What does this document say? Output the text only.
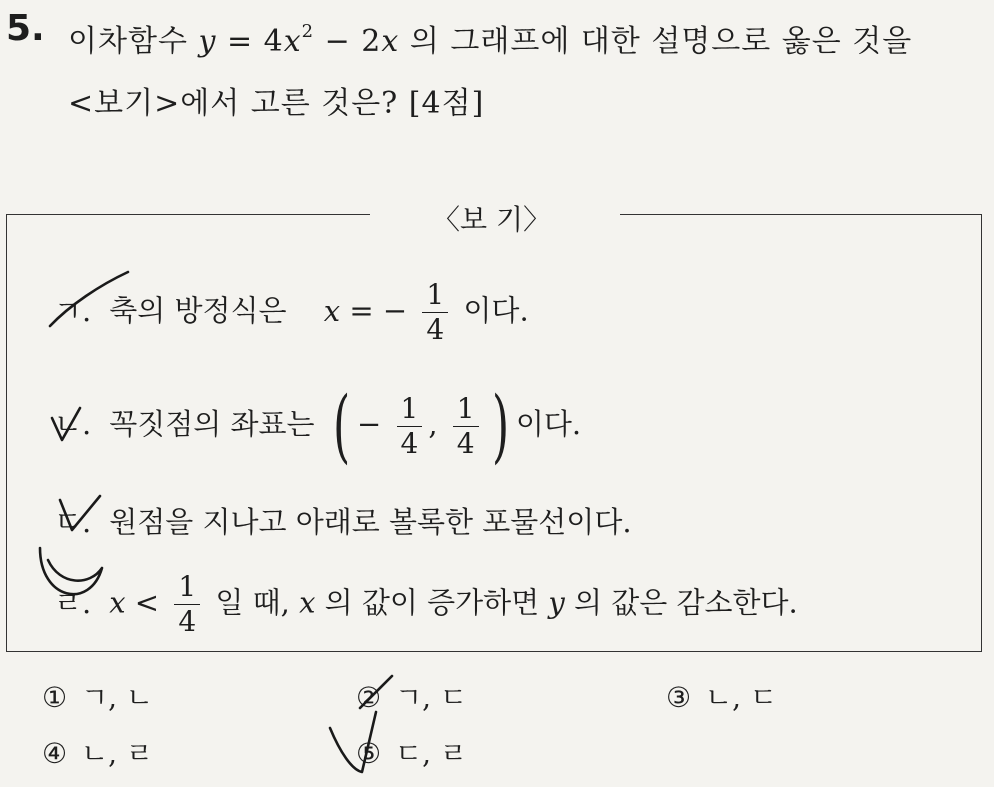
5. 이차함수 $y = 4x^2 - 2x$ 의 그래프에 대한 설명으로 옳은 것을
<보기>에서 고른 것은? [4점]
〈보 기〉
ㄱ. 축의 방정식은 x = − $\frac{1}{4}$ 이다.
ㄴ. 꼭짓점의 좌표는 ( − $\frac{1}{4}$ , $\frac{1}{4}$ ) 이다.
ㄷ. 원점을 지나고 아래로 볼록한 포물선이다.
ㄹ. $x < \frac{1}{4}$ 일 때, x 의 값이 증가하면 y 의 값은 감소한다.
① ㄱ, ㄴ	② ㄱ, ㄷ	③ ㄴ, ㄷ
④ ㄴ, ㄹ	⑤ ㄷ, ㄹ
